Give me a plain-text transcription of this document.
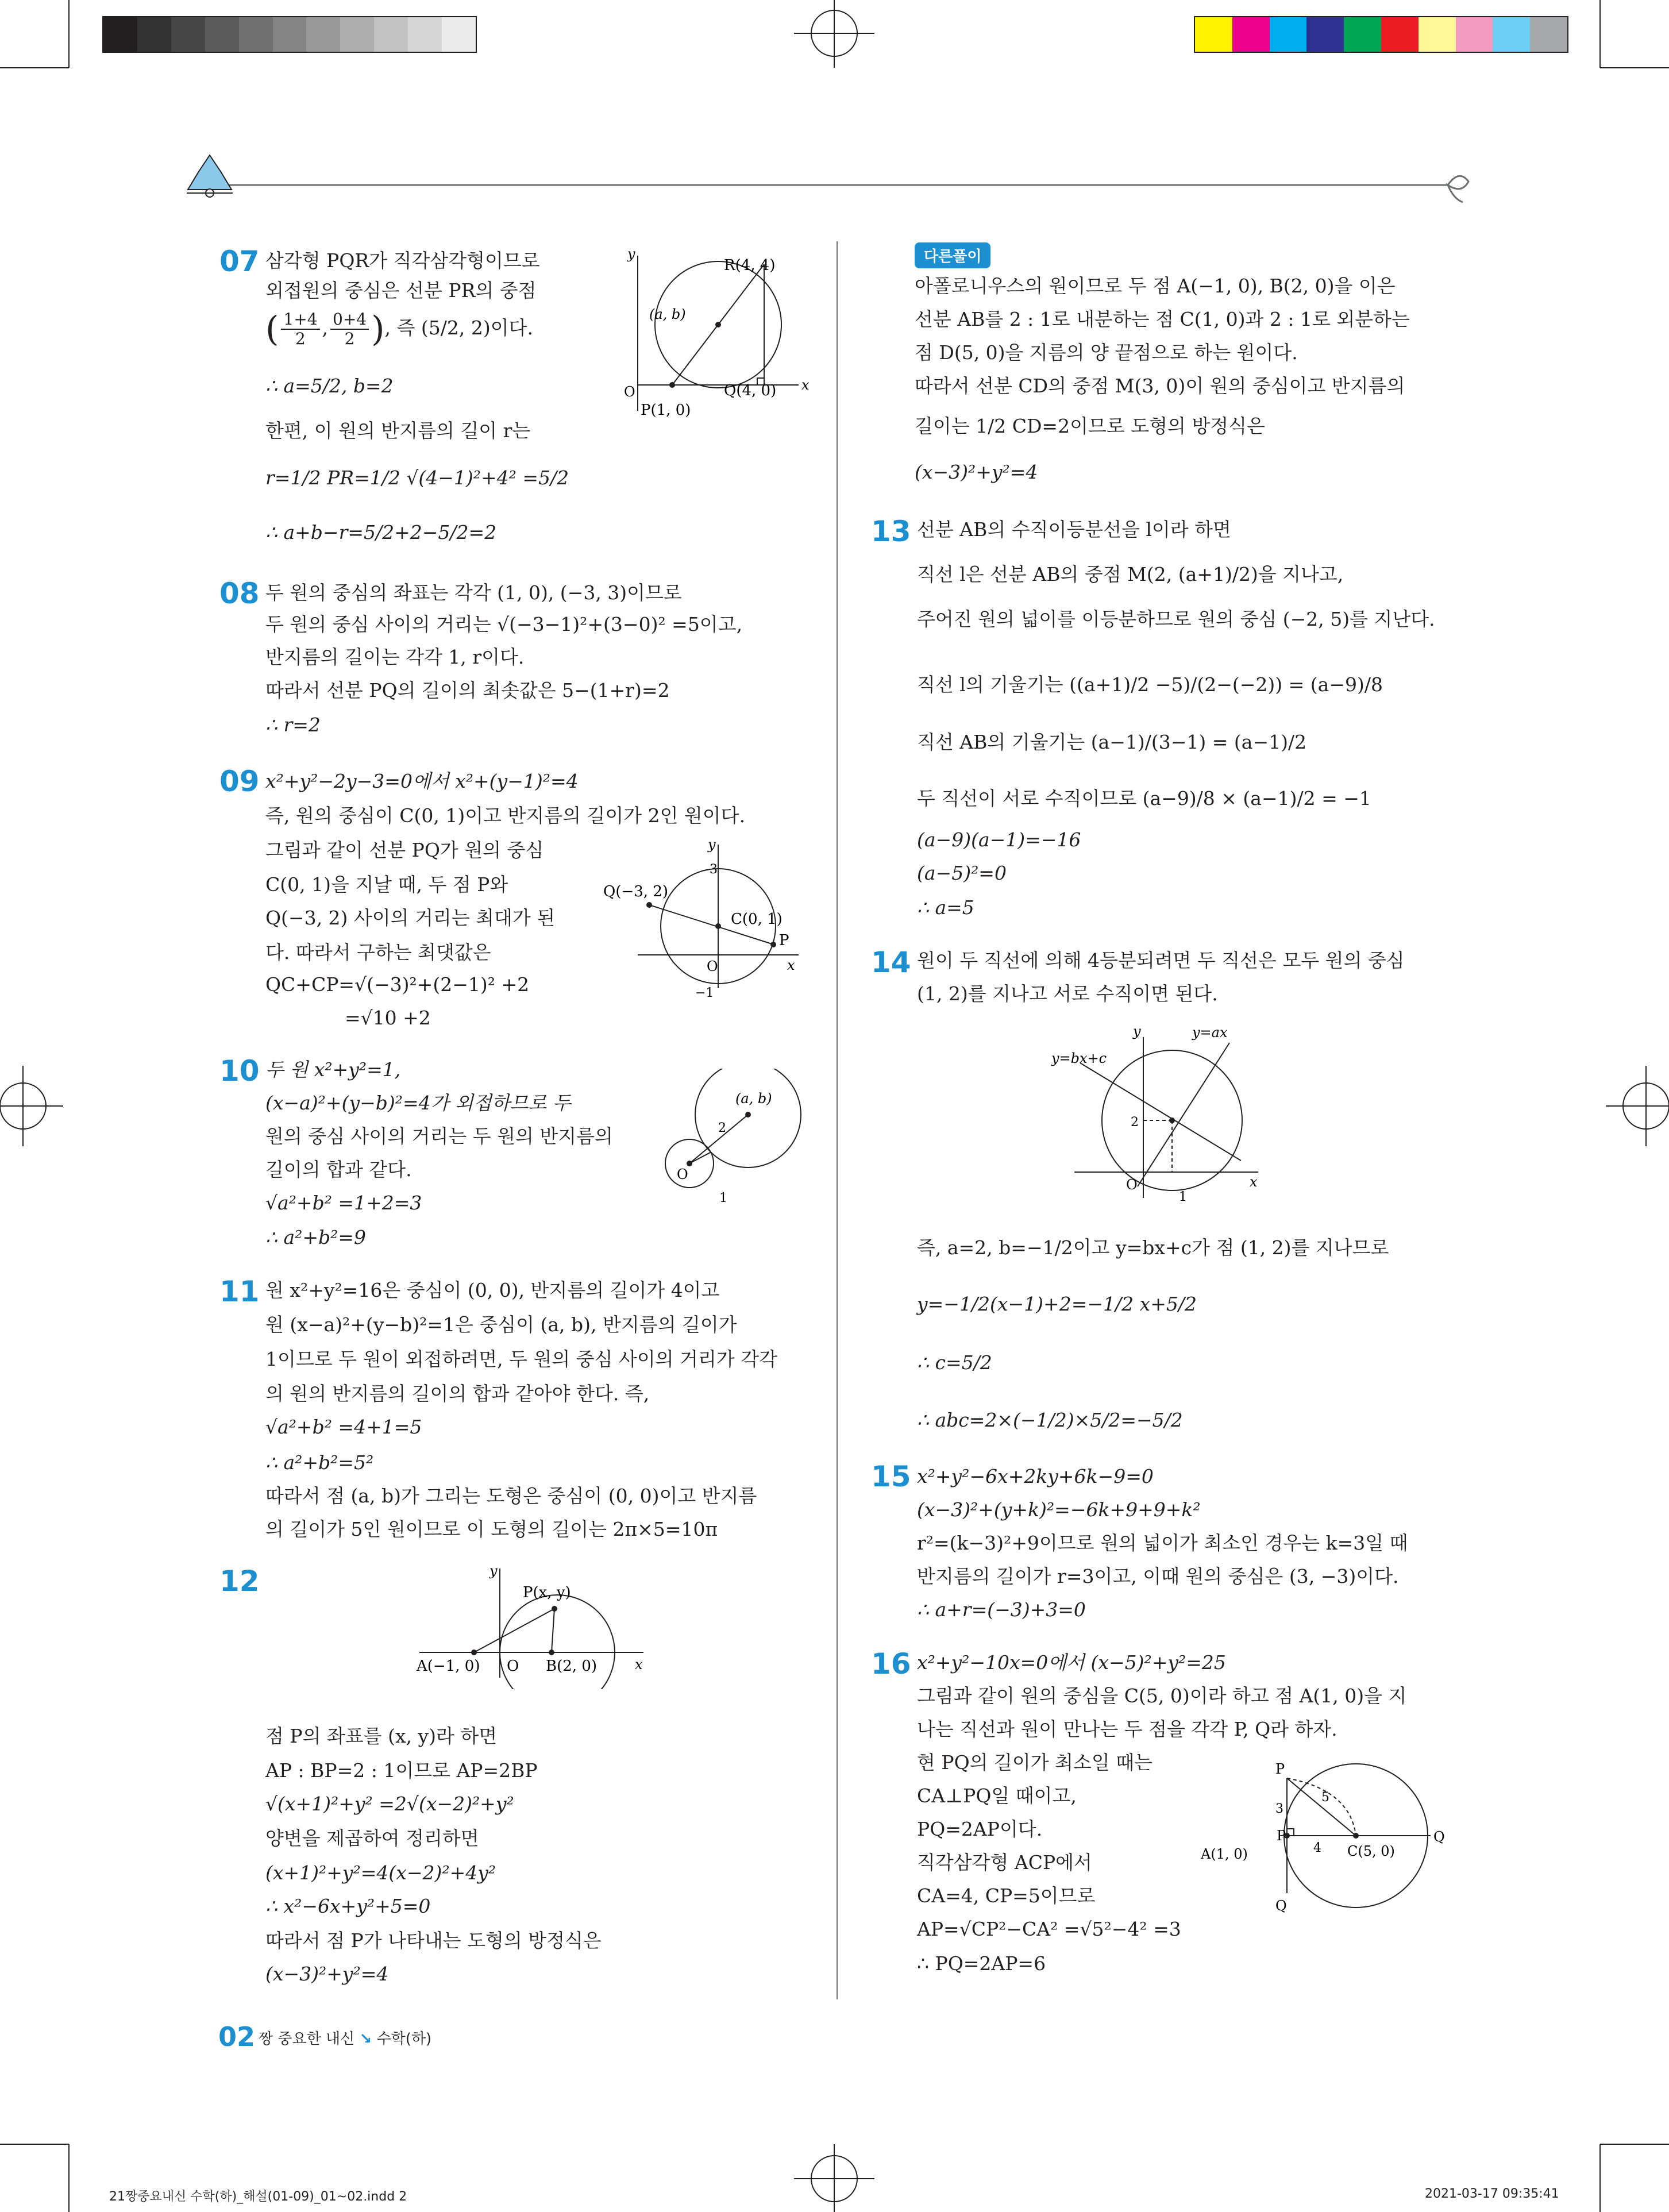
07 삼각형 PQR가 직각삼각형이므로
외접원의 중심은 선분 PR의 중점
( $\frac{1+4}{2}$ , $\frac{0+4}{2}$ ), 즉 (5/2, 2)이다.
∴ a=5/2, b=2
한편, 이 원의 반지름의 길이 r는
r=1/2 PR=1/2 √(4−1)²+4² =5/2
∴ a+b−r=5/2+2−5/2=2
y
x
O
R(4, 4)
Q(4, 0)
P(1, 0)
(a, b)
08 두 원의 중심의 좌표는 각각 (1, 0), (−3, 3)이므로
두 원의 중심 사이의 거리는 √(−3−1)²+(3−0)² =5이고,
반지름의 길이는 각각 1, r이다.
따라서 선분 PQ의 길이의 최솟값은 5−(1+r)=2
∴ r=2
09 x²+y²−2y−3=0에서 x²+(y−1)²=4
즉, 원의 중심이 C(0, 1)이고 반지름의 길이가 2인 원이다.
그림과 같이 선분 PQ가 원의 중심
C(0, 1)을 지날 때, 두 점 P와
Q(−3, 2) 사이의 거리는 최대가 된
다. 따라서 구하는 최댓값은
QC+CP=√(−3)²+(2−1)² +2
=√10 +2
y
x
O
3
−1
Q(−3, 2)
C(0, 1)
P
10 두 원 x²+y²=1,
(x−a)²+(y−b)²=4가 외접하므로 두
원의 중심 사이의 거리는 두 원의 반지름의
길이의 합과 같다.
√a²+b² =1+2=3
∴ a²+b²=9
(a, b)
O
2
1
11 원 x²+y²=16은 중심이 (0, 0), 반지름의 길이가 4이고
원 (x−a)²+(y−b)²=1은 중심이 (a, b), 반지름의 길이가
1이므로 두 원이 외접하려면, 두 원의 중심 사이의 거리가 각각
의 원의 반지름의 길이의 합과 같아야 한다. 즉,
√a²+b² =4+1=5
∴ a²+b²=5²
따라서 점 (a, b)가 그리는 도형은 중심이 (0, 0)이고 반지름
의 길이가 5인 원이므로 이 도형의 길이는 2π×5=10π
12	y
x
P(x, y)
A(−1, 0) O B(2, 0)
점 P의 좌표를 (x, y)라 하면
AP : BP=2 : 1이므로 AP=2BP
√(x+1)²+y² =2√(x−2)²+y²
양변을 제곱하여 정리하면
(x+1)²+y²=4(x−2)²+4y²
∴ x²−6x+y²+5=0
따라서 점 P가 나타내는 도형의 방정식은
(x−3)²+y²=4
다른풀이
아폴로니우스의 원이므로 두 점 A(−1, 0), B(2, 0)을 이은
선분 AB를 2 : 1로 내분하는 점 C(1, 0)과 2 : 1로 외분하는
점 D(5, 0)을 지름의 양 끝점으로 하는 원이다.
따라서 선분 CD의 중점 M(3, 0)이 원의 중심이고 반지름의
길이는 1/2 CD=2이므로 도형의 방정식은
(x−3)²+y²=4
13 선분 AB의 수직이등분선을 l이라 하면
직선 l은 선분 AB의 중점 M(2, (a+1)/2)을 지나고,
주어진 원의 넓이를 이등분하므로 원의 중심 (−2, 5)를 지난다.
직선 l의 기울기는 ((a+1)/2 −5)/(2−(−2)) = (a−9)/8
직선 AB의 기울기는 (a−1)/(3−1) = (a−1)/2
두 직선이 서로 수직이므로 (a−9)/8 × (a−1)/2 = −1
(a−9)(a−1)=−16
(a−5)²=0
∴ a=5
14 원이 두 직선에 의해 4등분되려면 두 직선은 모두 원의 중심
(1, 2)를 지나고 서로 수직이면 된다.
y
x
O
2
1
y=bx+c
y=ax
즉, a=2, b=−1/2이고 y=bx+c가 점 (1, 2)를 지나므로
y=−1/2(x−1)+2=−1/2 x+5/2
∴ c=5/2
∴ abc=2×(−1/2)×5/2=−5/2
15 x²+y²−6x+2ky+6k−9=0
(x−3)²+(y+k)²=−6k+9+9+k²
r²=(k−3)²+9이므로 원의 넓이가 최소인 경우는 k=3일 때
반지름의 길이가 r=3이고, 이때 원의 중심은 (3, −3)이다.
∴ a+r=(−3)+3=0
16 x²+y²−10x=0에서 (x−5)²+y²=25
그림과 같이 원의 중심을 C(5, 0)이라 하고 점 A(1, 0)을 지
나는 직선과 원이 만나는 두 점을 각각 P, Q라 하자.
현 PQ의 길이가 최소일 때는
CA⊥PQ일 때이고,
PQ=2AP이다.
직각삼각형 ACP에서
CA=4, CP=5이므로
AP=√CP²−CA² =√5²−4² =3
∴ PQ=2AP=6
P
Q
Q
A(1, 0)	C(5, 0)
P
3
4
5
02 짱 중요한 내신 ↘ 수학(하)
21짱중요내신 수학(하)_해설(01-09)_01~02.indd 2	2021-03-17 09:35:41
